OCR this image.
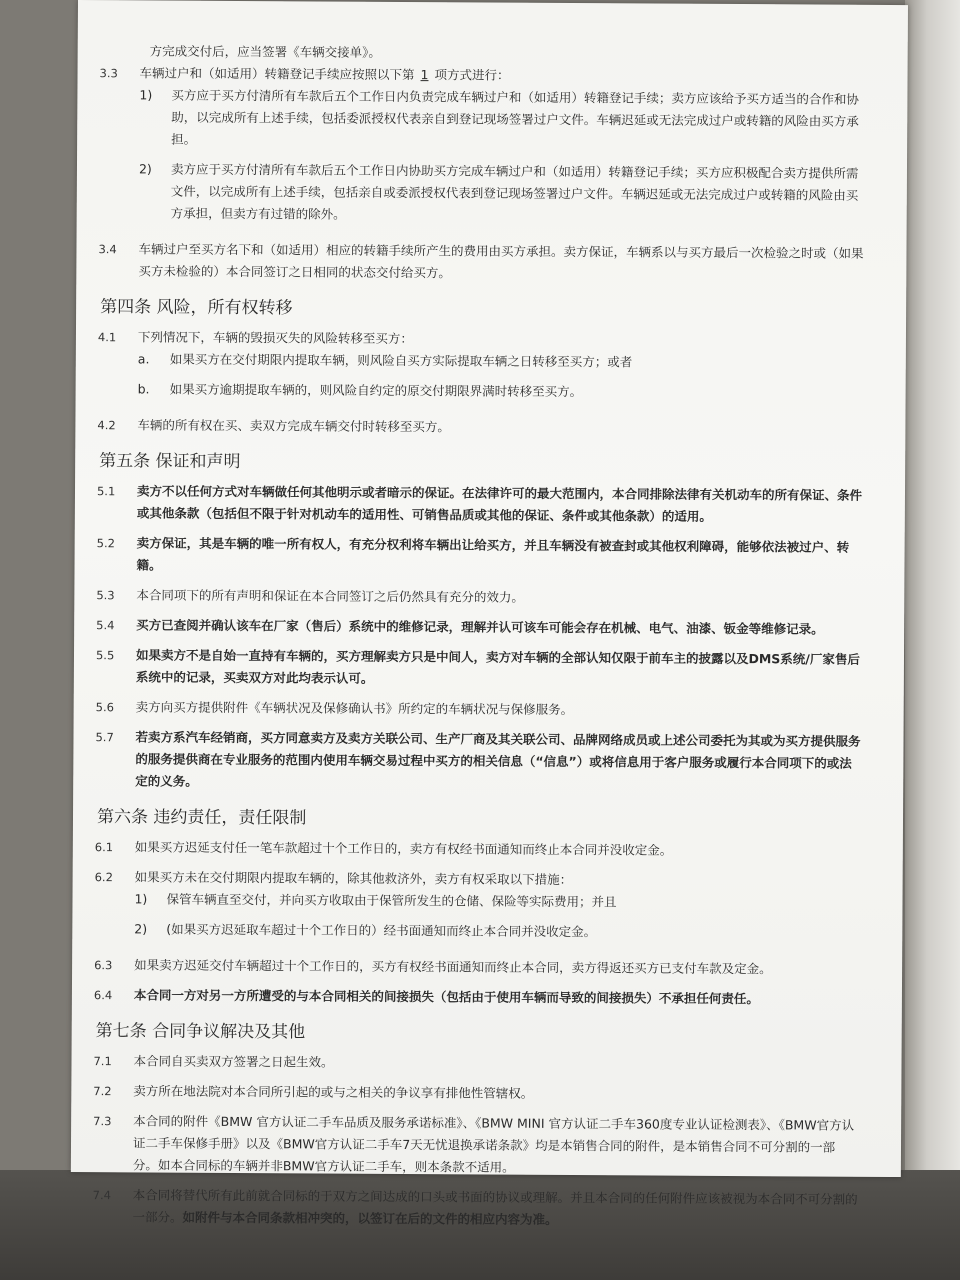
方完成交付后，应当签署《车辆交接单》。
3.3	车辆过户和（如适用）转籍登记手续应按照以下第 1 项方式进行：
1)	买方应于买方付清所有车款后五个工作日内负责完成车辆过户和（如适用）转籍登记手续；卖方应该给予买方适当的合作和协助，以完成所有上述手续，包括委派授权代表亲自到登记现场签署过户文件。车辆迟延或无法完成过户或转籍的风险由买方承担。
2)	卖方应于买方付清所有车款后五个工作日内协助买方完成车辆过户和（如适用）转籍登记手续；买方应积极配合卖方提供所需文件，以完成所有上述手续，包括亲自或委派授权代表到登记现场签署过户文件。车辆迟延或无法完成过户或转籍的风险由买方承担，但卖方有过错的除外。
3.4	车辆过户至买方名下和（如适用）相应的转籍手续所产生的费用由买方承担。卖方保证，车辆系以与买方最后一次检验之时或（如果买方未检验的）本合同签订之日相同的状态交付给买方。
第四条 风险，所有权转移
4.1	下列情况下，车辆的毁损灭失的风险转移至买方：
a.	如果买方在交付期限内提取车辆，则风险自买方实际提取车辆之日转移至买方；或者
b.	如果买方逾期提取车辆的，则风险自约定的原交付期限界满时转移至买方。
4.2	车辆的所有权在买、卖双方完成车辆交付时转移至买方。
第五条 保证和声明
5.1	卖方不以任何方式对车辆做任何其他明示或者暗示的保证。在法律许可的最大范围内，本合同排除法律有关机动车的所有保证、条件或其他条款（包括但不限于针对机动车的适用性、可销售品质或其他的保证、条件或其他条款）的适用。
5.2	卖方保证，其是车辆的唯一所有权人，有充分权利将车辆出让给买方，并且车辆没有被查封或其他权利障碍，能够依法被过户、转籍。
5.3	本合同项下的所有声明和保证在本合同签订之后仍然具有充分的效力。
5.4	买方已查阅并确认该车在厂家（售后）系统中的维修记录，理解并认可该车可能会存在机械、电气、油漆、钣金等维修记录。
5.5	如果卖方不是自始一直持有车辆的，买方理解卖方只是中间人，卖方对车辆的全部认知仅限于前车主的披露以及DMS系统/厂家售后系统中的记录，买卖双方对此均表示认可。
5.6	卖方向买方提供附件《车辆状况及保修确认书》所约定的车辆状况与保修服务。
5.7	若卖方系汽车经销商，买方同意卖方及卖方关联公司、生产厂商及其关联公司、品牌网络成员或上述公司委托为其或为买方提供服务的服务提供商在专业服务的范围内使用车辆交易过程中买方的相关信息（“信息”）或将信息用于客户服务或履行本合同项下的或法定的义务。
第六条 违约责任，责任限制
6.1	如果买方迟延支付任一笔车款超过十个工作日的，卖方有权经书面通知而终止本合同并没收定金。
6.2	如果买方未在交付期限内提取车辆的，除其他救济外，卖方有权采取以下措施：
1)	保管车辆直至交付，并向买方收取由于保管所发生的仓储、保险等实际费用；并且
2)	(如果买方迟延取车超过十个工作日的）经书面通知而终止本合同并没收定金。
6.3	如果卖方迟延交付车辆超过十个工作日的，买方有权经书面通知而终止本合同，卖方得返还买方已支付车款及定金。
6.4	本合同一方对另一方所遭受的与本合同相关的间接损失（包括由于使用车辆而导致的间接损失）不承担任何责任。
第七条 合同争议解决及其他
7.1	本合同自买卖双方签署之日起生效。
7.2	卖方所在地法院对本合同所引起的或与之相关的争议享有排他性管辖权。
7.3	本合同的附件《BMW 官方认证二手车品质及服务承诺标准》、《BMW MINI 官方认证二手车360度专业认证检测表》、《BMW官方认证二手车保修手册》以及《BMW官方认证二手车7天无忧退换承诺条款》均是本销售合同的附件，是本销售合同不可分割的一部分。如本合同标的车辆并非BMW官方认证二手车，则本条款不适用。
7.4	本合同将替代所有此前就合同标的于双方之间达成的口头或书面的协议或理解。并且本合同的任何附件应该被视为本合同不可分割的一部分。如附件与本合同条款相冲突的，以签订在后的文件的相应内容为准。
